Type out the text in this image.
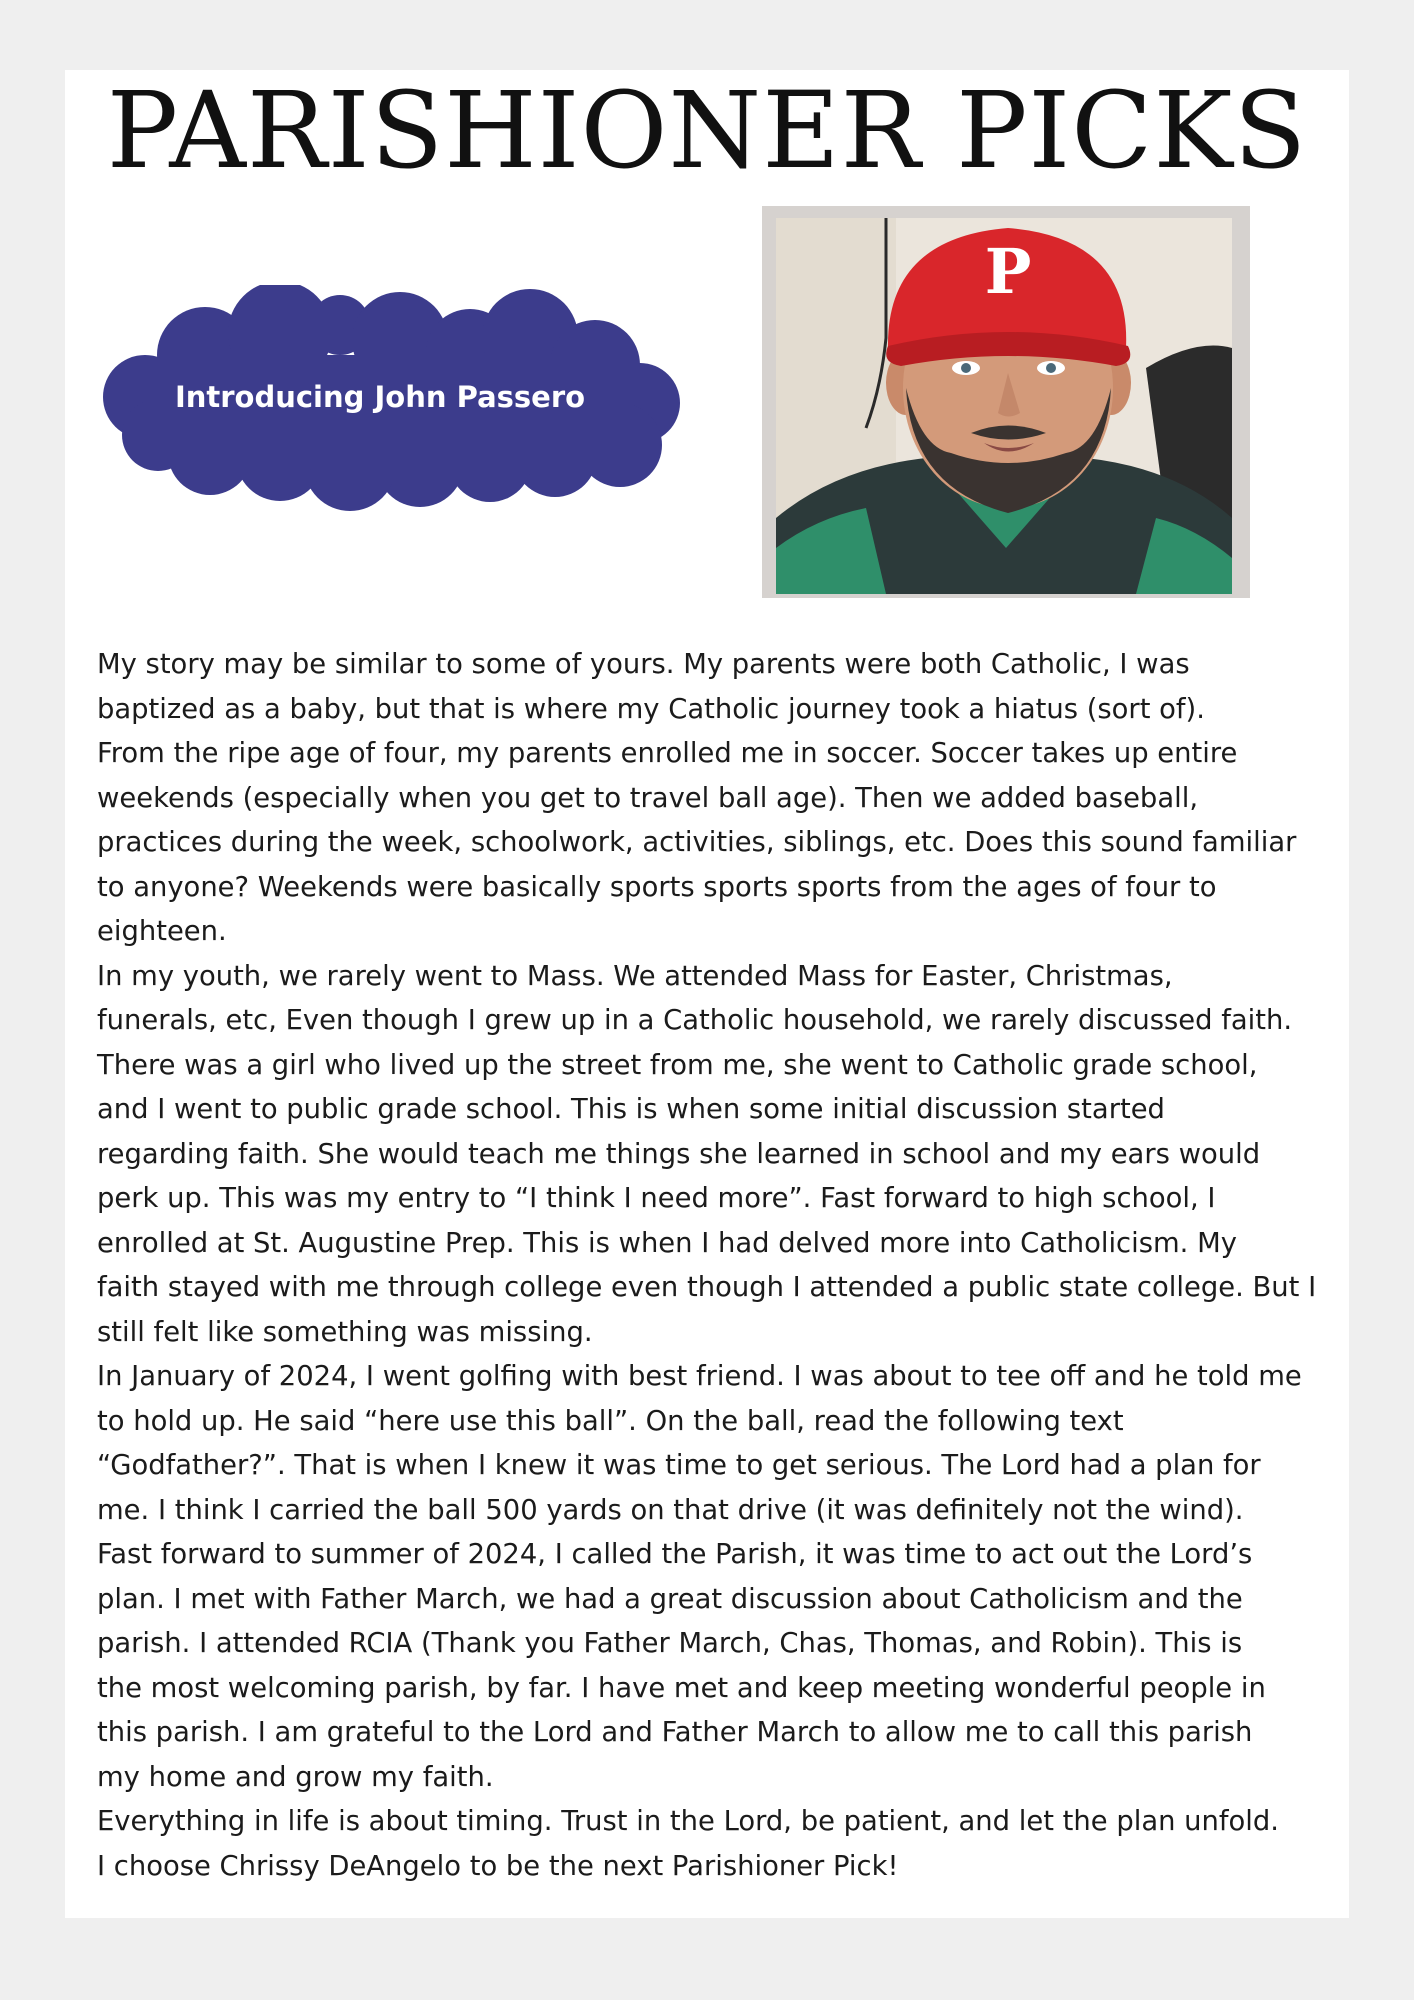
PARISHIONER PICKS
Introducing John Passero
P

My story may be similar to some of yours. My parents were both Catholic, I was

baptized as a baby, but that is where my Catholic journey took a hiatus (sort of).

From the ripe age of four, my parents enrolled me in soccer. Soccer takes up entire

weekends (especially when you get to travel ball age). Then we added baseball,

practices during the week, schoolwork, activities, siblings, etc. Does this sound familiar

to anyone? Weekends were basically sports sports sports from the ages of four to

eighteen.

In my youth, we rarely went to Mass. We attended Mass for Easter, Christmas,

funerals, etc, Even though I grew up in a Catholic household, we rarely discussed faith.

There was a girl who lived up the street from me, she went to Catholic grade school,

and I went to public grade school. This is when some initial discussion started

regarding faith. She would teach me things she learned in school and my ears would

perk up. This was my entry to “I think I need more”. Fast forward to high school, I

enrolled at St. Augustine Prep. This is when I had delved more into Catholicism. My

faith stayed with me through college even though I attended a public state college. But I

still felt like something was missing.

In January of 2024, I went golfing with best friend. I was about to tee off and he told me

to hold up. He said “here use this ball”. On the ball, read the following text

“Godfather?”. That is when I knew it was time to get serious. The Lord had a plan for

me. I think I carried the ball 500 yards on that drive (it was definitely not the wind).

Fast forward to summer of 2024, I called the Parish, it was time to act out the Lord’s

plan. I met with Father March, we had a great discussion about Catholicism and the

parish. I attended RCIA (Thank you Father March, Chas, Thomas, and Robin). This is

the most welcoming parish, by far. I have met and keep meeting wonderful people in

this parish. I am grateful to the Lord and Father March to allow me to call this parish

my home and grow my faith.

Everything in life is about timing. Trust in the Lord, be patient, and let the plan unfold.

I choose Chrissy DeAngelo to be the next Parishioner Pick!
